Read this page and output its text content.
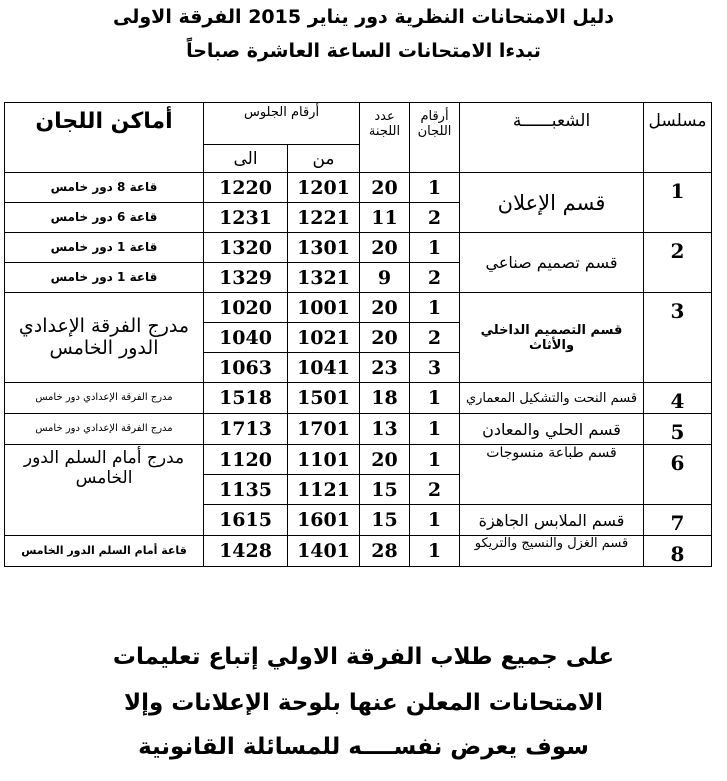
دليل الامتحانات النظرية دور يناير 2015 الفرقة الاولى
تبدءا الامتحانات الساعة العاشرة صباحاً
مسلسل	الشعبــــــة	أرقام اللجان	عدد اللجنة	أرقام الجلوس		أماكن اللجان
				من	الى	
1	قسم الإعلان	1	20	1201	1220	قاعة 8 دور خامس
		2	11	1221	1231	قاعة 6 دور خامس
2	قسم تصميم صناعي	1	20	1301	1320	قاعة 1 دور خامس
		2	9	1321	1329	قاعة 1 دور خامس
3	قسم التصميم الداخلي والأثاث	1	20	1001	1020	مدرج الفرقة الإعدادي الدور الخامس
		2	20	1021	1040	
		3	23	1041	1063	
4	قسم النحت والتشكيل المعماري	1	18	1501	1518	مدرج الفرقة الإعدادي دور خامس
5	قسم الحلي والمعادن	1	13	1701	1713	مدرج الفرقة الإعدادي دور خامس
6	قسم طباعة منسوجات	1	20	1101	1120	مدرج أمام السلم الدور الخامس
		2	15	1121	1135	
7	قسم الملابس الجاهزة	1	15	1601	1615	
8	قسم الغزل والنسيج والتريكو	1	28	1401	1428	قاعة أمام السلم الدور الخامس
على جميع طلاب الفرقة الاولي إتباع تعليمات
الامتحانات المعلن عنها بلوحة الإعلانات وإلا
سوف يعرض نفســــه للمسائلة القانونية
